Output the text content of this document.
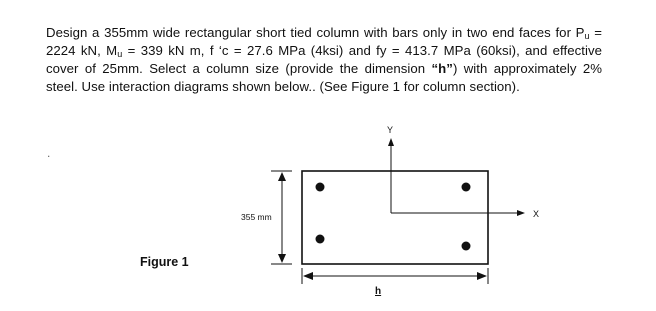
Design a 355mm wide rectangular short tied column with bars only in two end faces for $P_u = 2224$ kN, $M_u = 339$ kN m, f ‘c = 27.6 MPa (4ksi) and fy = 413.7 MPa (60ksi), and effective cover of 25mm. Select a column size (provide the dimension “h”) with approximately 2% steel. Use interaction diagrams shown below.. (See Figure 1 for column section).
.
Figure 1
Y
X
355 mm
h
